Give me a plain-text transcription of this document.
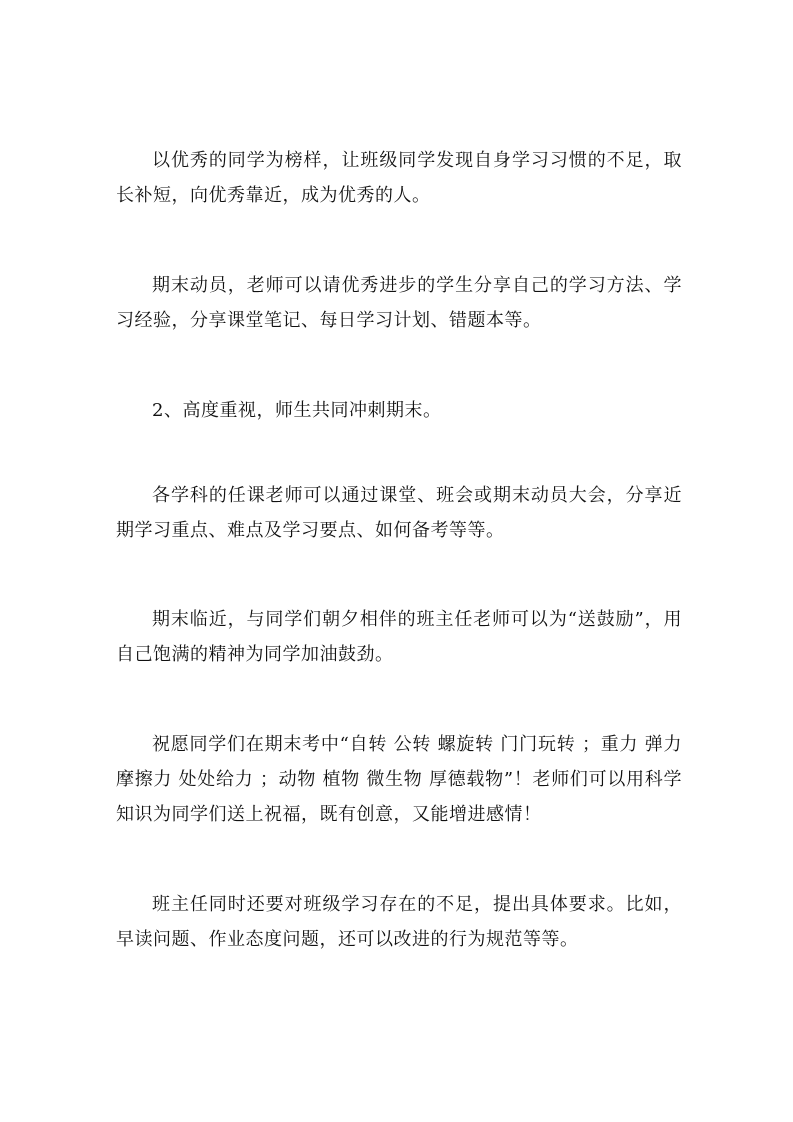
以优秀的同学为榜样，让班级同学发现自身学习习惯的不足，取长补短，向优秀靠近，成为优秀的人。

期末动员，老师可以请优秀进步的学生分享自己的学习方法、学习经验，分享课堂笔记、每日学习计划、错题本等。

2、高度重视，师生共同冲刺期末。

各学科的任课老师可以通过课堂、班会或期末动员大会，分享近期学习重点、难点及学习要点、如何备考等等。

期末临近，与同学们朝夕相伴的班主任老师可以为“送鼓励”，用自己饱满的精神为同学加油鼓劲。

祝愿同学们在期末考中“自转 公转 螺旋转 门门玩转 ；重力 弹力 摩擦力 处处给力 ；动物 植物 微生物 厚德载物”！老师们可以用科学知识为同学们送上祝福，既有创意，又能增进感情！

班主任同时还要对班级学习存在的不足，提出具体要求。比如，早读问题、作业态度问题，还可以改进的行为规范等等。
